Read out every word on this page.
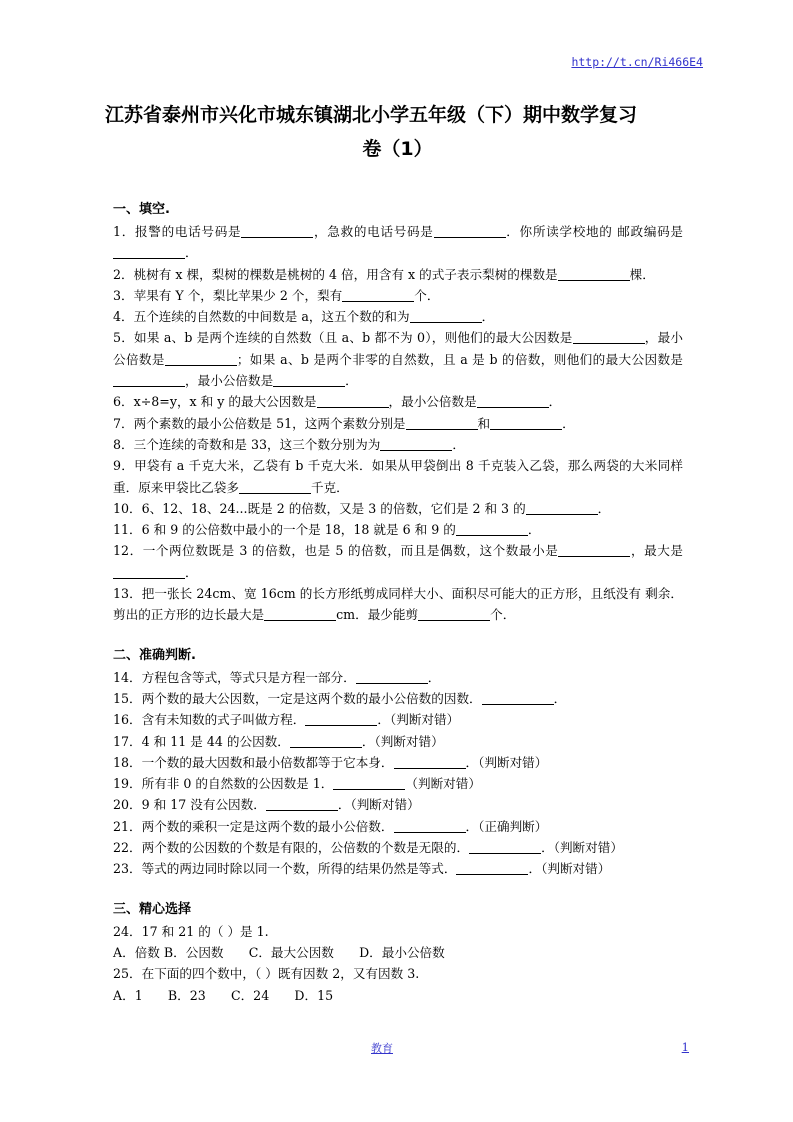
http://t.cn/Ri466E4
江苏省泰州市兴化市城东镇湖北小学五年级（下）期中数学复习
卷（1）
一、填空.

1．报警的电话号码是	，急救的电话号码是	．你所读学校地的 邮政编码是．

2．桃树有 x 棵，梨树的棵数是桃树的 4 倍，用含有 x 的式子表示梨树的棵数是	棵．

3．苹果有 Y 个，梨比苹果少 2 个，梨有	个．

4．五个连续的自然数的中间数是 a，这五个数的和为	．

5．如果 a、b 是两个连续的自然数（且 a、b 都不为 0），则他们的最大公因数是	，最小公倍数是	；如果 a、b 是两个非零的自然数，且 a 是 b 的倍数，则他们的最大公因数是，最小公倍数是	．

6．x÷8=y，x 和 y 的最大公因数是	，最小公倍数是	．

7．两个素数的最小公倍数是 51，这两个素数分别是	和	．

8．三个连续的奇数和是 33，这三个数分别为为	．

9．甲袋有 a 千克大米，乙袋有 b 千克大米．如果从甲袋倒出 8 千克装入乙袋，那么两袋的大米同样重．原来甲袋比乙袋多	千克．

10．6、12、18、24...既是 2 的倍数，又是 3 的倍数，它们是 2 和 3 的	．

11．6 和 9 的公倍数中最小的一个是 18，18 就是 6 和 9 的	．

12．一个两位数既是 3 的倍数，也是 5 的倍数，而且是偶数，这个数最小是	，最大是．

13．把一张长 24cm、宽 16cm 的长方形纸剪成同样大小、面积尽可能大的正方形，且纸没有 剩余．剪出的正方形的边长最大是	cm．最少能剪	个．

二、准确判断.

14．方程包含等式，等式只是方程一部分．	．

15．两个数的最大公因数，一定是这两个数的最小公倍数的因数．	．

16．含有未知数的式子叫做方程．	．（判断对错）

17．4 和 11 是 44 的公因数．	．（判断对错）

18．一个数的最大因数和最小倍数都等于它本身．	．（判断对错）

19．所有非 0 的自然数的公因数是 1．	（判断对错）

20．9 和 17 没有公因数．	．（判断对错）

21．两个数的乘积一定是这两个数的最小公倍数．	．（正确判断）

22．两个数的公因数的个数是有限的，公倍数的个数是无限的．	．（判断对错）

23．等式的两边同时除以同一个数，所得的结果仍然是等式．	．（判断对错）

三、精心选择

24．17 和 21 的（ ）是 1.

A．倍数 B．公因数　　C．最大公因数　　D．最小公倍数

25．在下面的四个数中，（ ）既有因数 2，又有因数 3.

A．1　　B．23　　C．24　　D．15

教育	1
